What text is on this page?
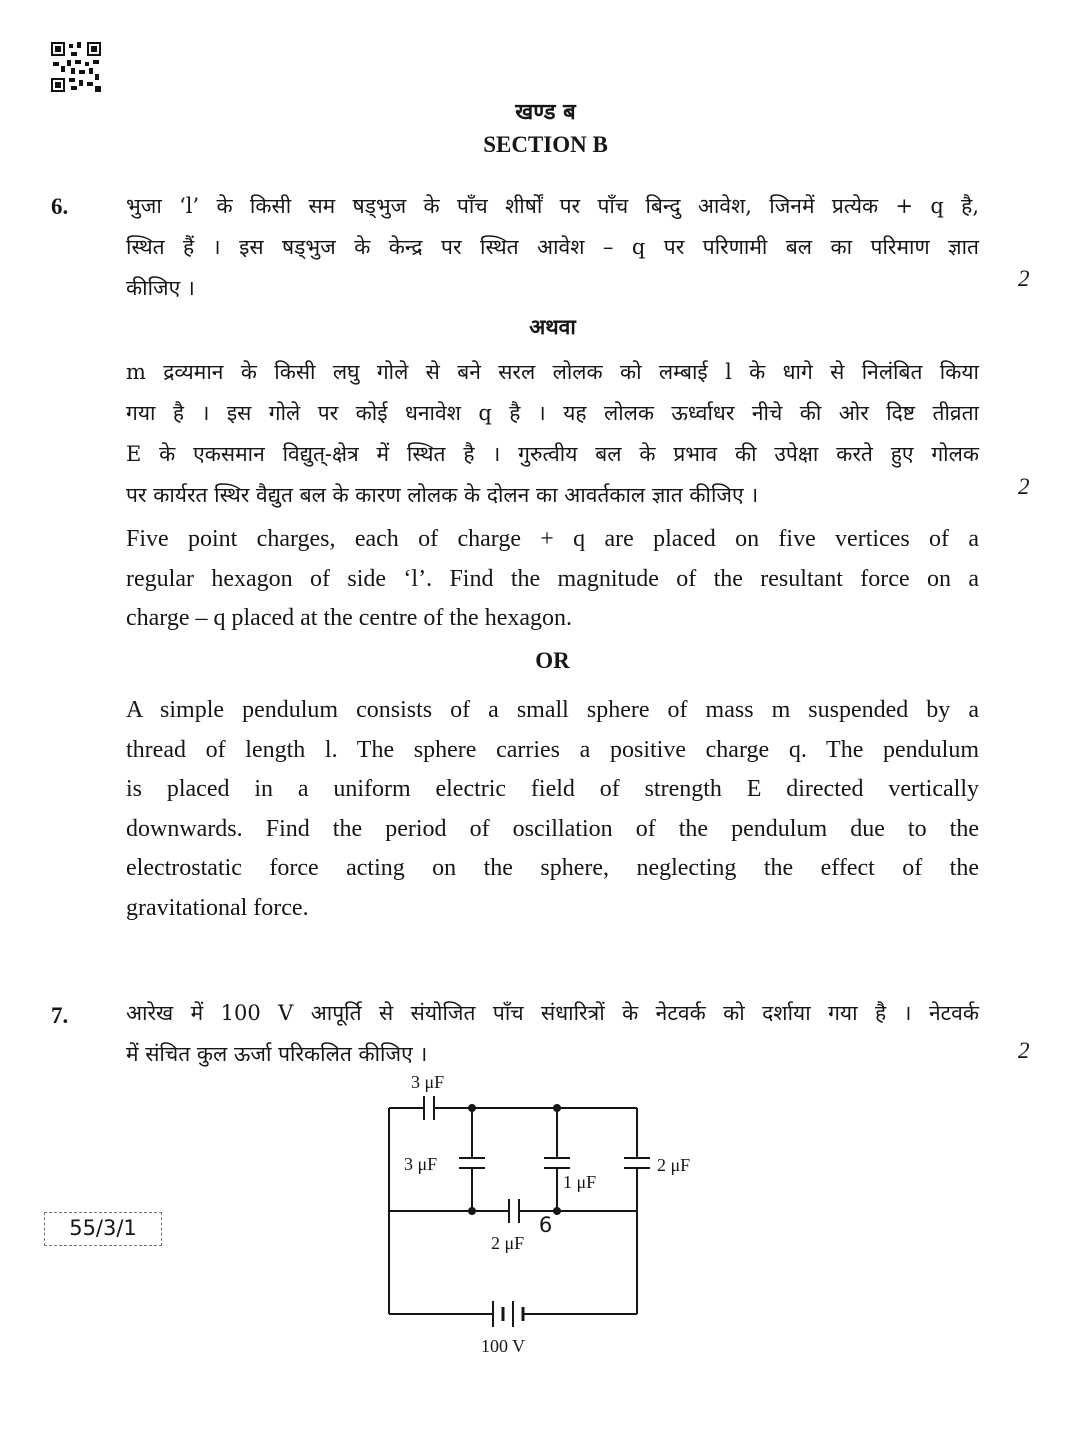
खण्ड ब
SECTION B
6.	भुजा ‘l’ के किसी सम षड्भुज के पाँच शीर्षों पर पाँच बिन्दु आवेश, जिनमें प्रत्येक + q है,
स्थित हैं । इस षड्भुज के केन्द्र पर स्थित आवेश – q पर परिणामी बल का परिमाण ज्ञात
कीजिए ।	2
अथवा
m द्रव्यमान के किसी लघु गोले से बने सरल लोलक को लम्बाई l के धागे से निलंबित किया
गया है । इस गोले पर कोई धनावेश q है । यह लोलक ऊर्ध्वाधर नीचे की ओर दिष्ट तीव्रता
E के एकसमान विद्युत्-क्षेत्र में स्थित है । गुरुत्वीय बल के प्रभाव की उपेक्षा करते हुए गोलक
पर कार्यरत स्थिर वैद्युत बल के कारण लोलक के दोलन का आवर्तकाल ज्ञात कीजिए ।	2
Five point charges, each of charge + q are placed on five vertices of a
regular hexagon of side ‘l’. Find the magnitude of the resultant force on a
charge – q placed at the centre of the hexagon.
OR
A simple pendulum consists of a small sphere of mass m suspended by a
thread of length l. The sphere carries a positive charge q. The pendulum
is placed in a uniform electric field of strength E directed vertically
downwards. Find the period of oscillation of the pendulum due to the
electrostatic force acting on the sphere, neglecting the effect of the
gravitational force.
7.	आरेख में 100 V आपूर्ति से संयोजित पाँच संधारित्रों के नेटवर्क को दर्शाया गया है । नेटवर्क
में संचित कुल ऊर्जा परिकलित कीजिए ।	2
3 μF
3 μF
1 μF
2 μF
2 μF
100 V
55/3/1	6
